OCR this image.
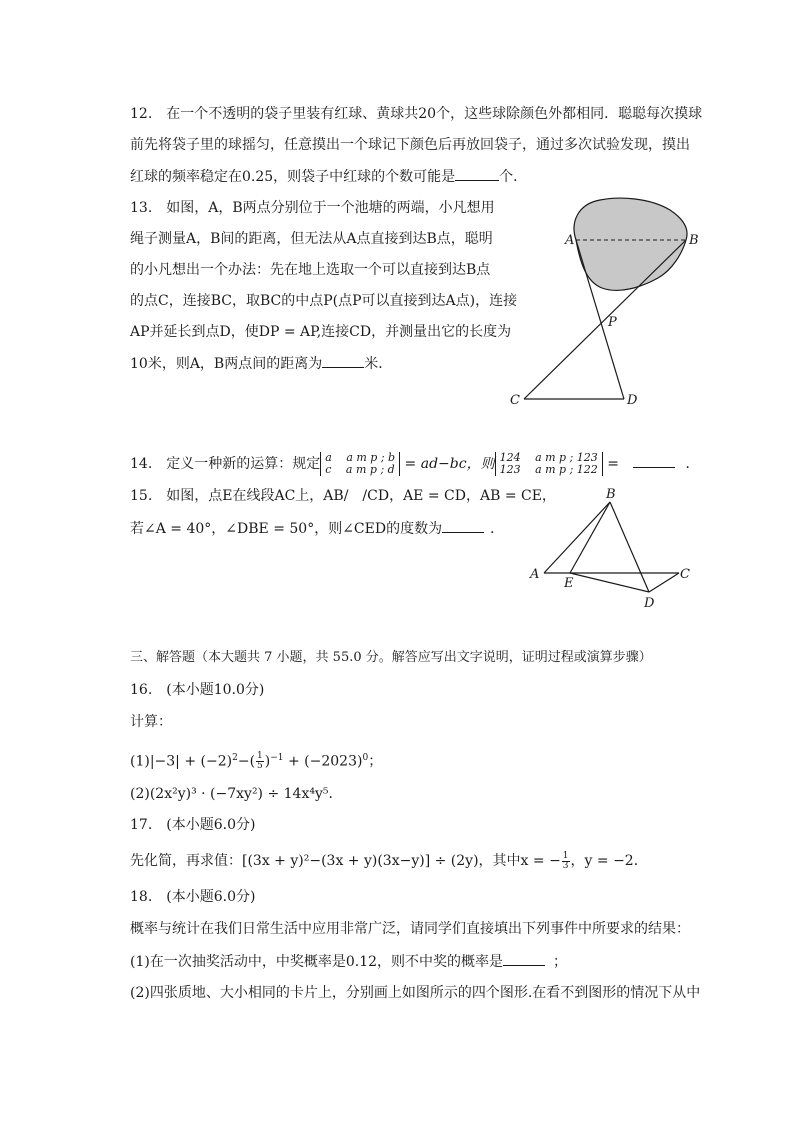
12.　在一个不透明的袋子里装有红球、黄球共20个，这些球除颜色外都相同．聪聪每次摸球
前先将袋子里的球摇匀，任意摸出一个球记下颜色后再放回袋子，通过多次试验发现，摸出
红球的频率稳定在0.25，则袋子中红球的个数可能是	个．
13.　如图，A，B两点分别位于一个池塘的两端，小凡想用
绳子测量A，B间的距离，但无法从A点直接到达B点，聪明
的小凡想出一个办法：先在地上选取一个可以直接到达B点
的点C，连接BC，取BC的中点P(点P可以直接到达A点)，连接
AP并延长到点D，使DP = AP,连接CD，并测量出它的长度为
10米，则A，B两点间的距离为	米．
A	B
P
C	D
14.　定义一种新的运算：规定 a　 a m p ; b
c　 a m p ; d = ad−bc，则 124　 a m p ; 123
123　 a m p ; 122 =	．
15.　如图，点E在线段AC上，AB/　/CD，AE = CD，AB = CE，
若∠A = 40°，∠DBE = 50°，则∠CED的度数为	．
A
B
C
D
E
三、解答题（本大题共 7 小题，共 55.0 分。解答应写出文字说明，证明过程或演算步骤）
16.　(本小题10.0分)
计算：
$(1)|-3| + (-2)^2-( \frac{1}{5} )^{-1} + (-2023)^0$；
(2)(2x²y)³ · (−7xy²) ÷ 14x⁴y⁵．
17.　(本小题6.0分)
先化简，再求值：[(3x + y)²−(3x + y)(3x−y)] ÷ (2y)，其中x = − $\frac{1}{3}$ ，y = −2．
18.　(本小题6.0分)
概率与统计在我们日常生活中应用非常广泛，请同学们直接填出下列事件中所要求的结果：
(1)在一次抽奖活动中，中奖概率是0.12，则不中奖的概率是	；
(2)四张质地、大小相同的卡片上，分别画上如图所示的四个图形.在看不到图形的情况下从中
